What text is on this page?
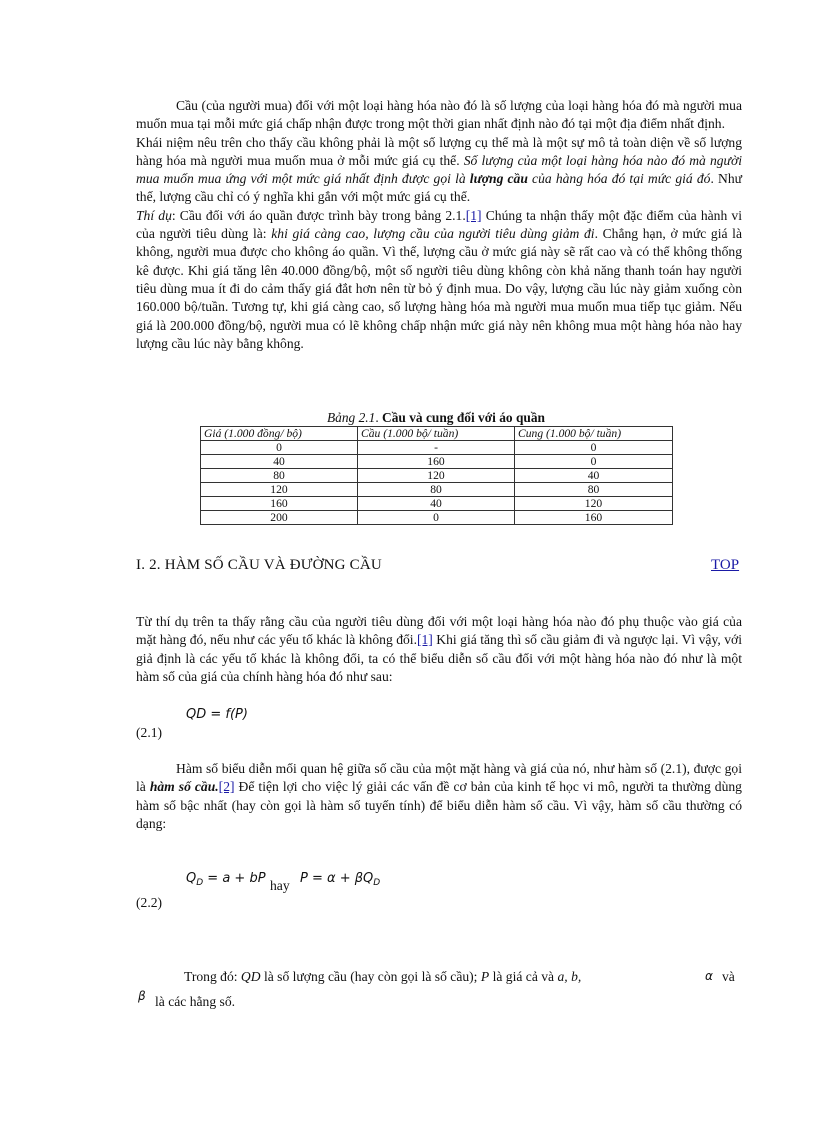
Cầu (của người mua) đối với một loại hàng hóa nào đó là số lượng của loại hàng hóa đó mà người mua muốn mua tại mỗi mức giá chấp nhận được trong một thời gian nhất định nào đó tại một địa điểm nhất định.

Khái niệm nêu trên cho thấy cầu không phải là một số lượng cụ thể mà là một sự mô tả toàn diện về số lượng hàng hóa mà người mua muốn mua ở mỗi mức giá cụ thể. Số lượng của một loại hàng hóa nào đó mà người mua muốn mua ứng với một mức giá nhất định được gọi là lượng cầu của hàng hóa đó tại mức giá đó. Như thế, lượng cầu chỉ có ý nghĩa khi gắn với một mức giá cụ thể.

Thí dụ: Cầu đối với áo quần được trình bày trong bảng 2.1.[1] Chúng ta nhận thấy một đặc điểm của hành vi của người tiêu dùng là: khi giá càng cao, lượng cầu của người tiêu dùng giảm đi. Chẳng hạn, ở mức giá là không, người mua được cho không áo quần. Vì thế, lượng cầu ở mức giá này sẽ rất cao và có thể không thống kê được. Khi giá tăng lên 40.000 đồng/bộ, một số người tiêu dùng không còn khả năng thanh toán hay người tiêu dùng mua ít đi do cảm thấy giá đắt hơn nên từ bỏ ý định mua. Do vậy, lượng cầu lúc này giảm xuống còn 160.000 bộ/tuần. Tương tự, khi giá càng cao, số lượng hàng hóa mà người mua muốn mua tiếp tục giảm. Nếu giá là 200.000 đồng/bộ, người mua có lẽ không chấp nhận mức giá này nên không mua một hàng hóa nào hay lượng cầu lúc này bằng không.

Bảng 2.1. Cầu và cung đối với áo quần
Giá (1.000 đồng/ bộ)	Cầu (1.000 bộ/ tuần)	Cung (1.000 bộ/ tuần)
0	-	0
40	160	0
80	120	40
120	80	80
160	40	120
200	0	160
I. 2. HÀM SỐ CẦU VÀ ĐƯỜNG CẦU	TOP

Từ thí dụ trên ta thấy rằng cầu của người tiêu dùng đối với một loại hàng hóa nào đó phụ thuộc vào giá của mặt hàng đó, nếu như các yếu tố khác là không đổi.[1] Khi giá tăng thì số cầu giảm đi và ngược lại. Vì vậy, với giả định là các yếu tố khác là không đổi, ta có thể biểu diễn số cầu đối với một hàng hóa nào đó như là một hàm số của giá của chính hàng hóa đó như sau:

QD = f(P)
(2.1)

Hàm số biểu diễn mối quan hệ giữa số cầu của một mặt hàng và giá của nó, như hàm số (2.1), được gọi là hàm số cầu.[2] Để tiện lợi cho việc lý giải các vấn đề cơ bản của kinh tế học vi mô, người ta thường dùng hàm số bậc nhất (hay còn gọi là hàm số tuyến tính) để biểu diễn hàm số cầu. Vì vậy, hàm số cầu thường có dạng:

$Q_D = a$ + bP hay $P = \alpha + \beta Q_D$
(2.2)
Trong đó: QD là số lượng cầu (hay còn gọi là số cầu); P là giá cả và a, b,	α và
β là các hằng số.
